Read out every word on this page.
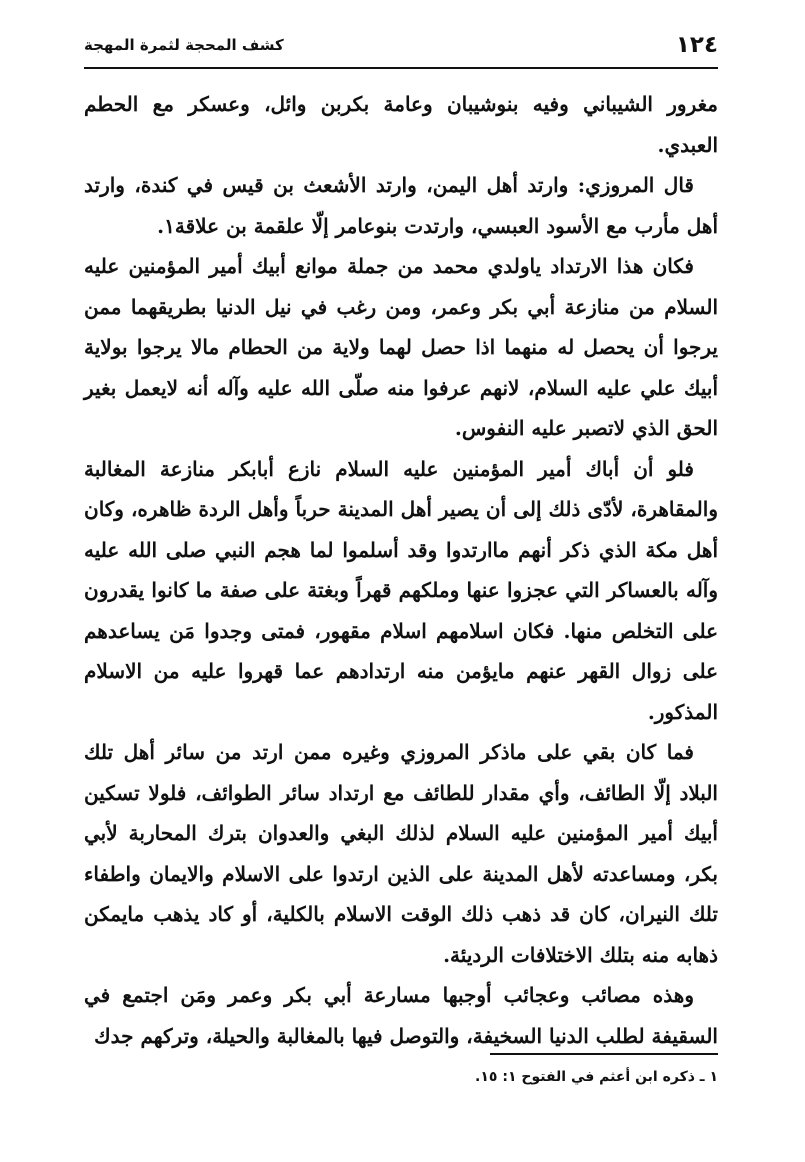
١٢٤
كشف المحجة لثمرة المهجة

مغرور الشيباني وفيه بنوشيبان وعامة بكربن وائل، وعسكر مع الحطم العبدي.

قال المروزي: وارتد أهل اليمن، وارتد الأشعث بن قيس في كندة، وارتد أهل مأرب مع الأسود العبسي، وارتدت بنوعامر إلّا علقمة بن علاقة١.

فكان هذا الارتداد ياولدي محمد من جملة موانع أبيك أمير المؤمنين عليه السلام من منازعة أبي بكر وعمر، ومن رغب في نيل الدنيا بطريقهما ممن يرجوا أن يحصل له منهما اذا حصل لهما ولاية من الحطام مالا يرجوا بولاية أبيك علي عليه السلام، لانهم عرفوا منه صلّى الله عليه وآله أنه لايعمل بغير الحق الذي لاتصبر عليه النفوس.

فلو أن أباك أمير المؤمنين عليه السلام نازع أبابكر منازعة المغالبة والمقاهرة، لأدّى ذلك إلى أن يصير أهل المدينة حرباً وأهل الردة ظاهره، وكان أهل مكة الذي ذكر أنهم ماارتدوا وقد أسلموا لما هجم النبي صلى الله عليه وآله بالعساكر التي عجزوا عنها وملكهم قهراً وبغتة على صفة ما كانوا يقدرون على التخلص منها. فكان اسلامهم اسلام مقهور، فمتى وجدوا مَن يساعدهم على زوال القهر عنهم مايؤمن منه ارتدادهم عما قهروا عليه من الاسلام المذكور.

فما كان بقي على ماذكر المروزي وغيره ممن ارتد من سائر أهل تلك البلاد إلّا الطائف، وأي مقدار للطائف مع ارتداد سائر الطوائف، فلولا تسكين أبيك أمير المؤمنين عليه السلام لذلك البغي والعدوان بترك المحاربة لأبي بكر، ومساعدته لأهل المدينة على الذين ارتدوا على الاسلام والايمان واطفاء تلك النيران، كان قد ذهب ذلك الوقت الاسلام بالكلية، أو كاد يذهب مايمكن ذهابه منه بتلك الاختلافات الرديئة.

وهذه مصائب وعجائب أوجبها مسارعة أبي بكر وعمر ومَن اجتمع في السقيفة لطلب الدنيا السخيفة، والتوصل فيها بالمغالبة والحيلة، وتركهم جدك

١ ـ ذكره ابن أعثم في الفتوح ١: ١٥.
